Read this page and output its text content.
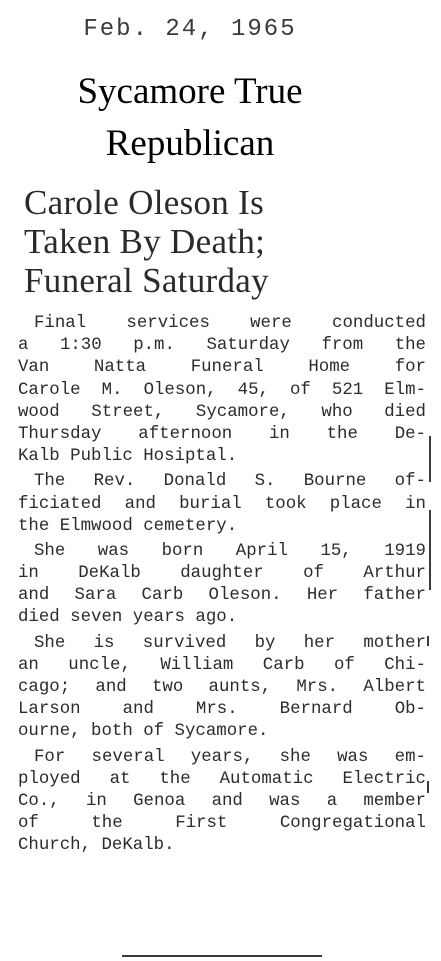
Feb. 24, 1965
Sycamore True
Republican
Carole Oleson Is
Taken By Death;
Funeral Saturday
Final services were conducted
a 1:30 p.m. Saturday from the
Van	Natta	Funeral	Home	for
Carole M. Oleson, 45, of 521 Elm-
wood Street, Sycamore, who died
Thursday afternoon in the De-
Kalb Public Hosiptal.
The Rev. Donald S. Bourne of-
ficiated and burial took place in
the Elmwood cemetery.
She was born April 15, 1919
in DeKalb daughter of Arthur
and Sara Carb Oleson. Her father
died seven years ago.
She is survived by her mother
an uncle, William Carb of Chi-
cago; and two aunts, Mrs. Albert
Larson and Mrs. Bernard Ob-
ourne, both of Sycamore.
For several years, she was em-
ployed at the Automatic Electric
Co., in Genoa and was a member
of	the	First	Congregational
Church, DeKalb.
